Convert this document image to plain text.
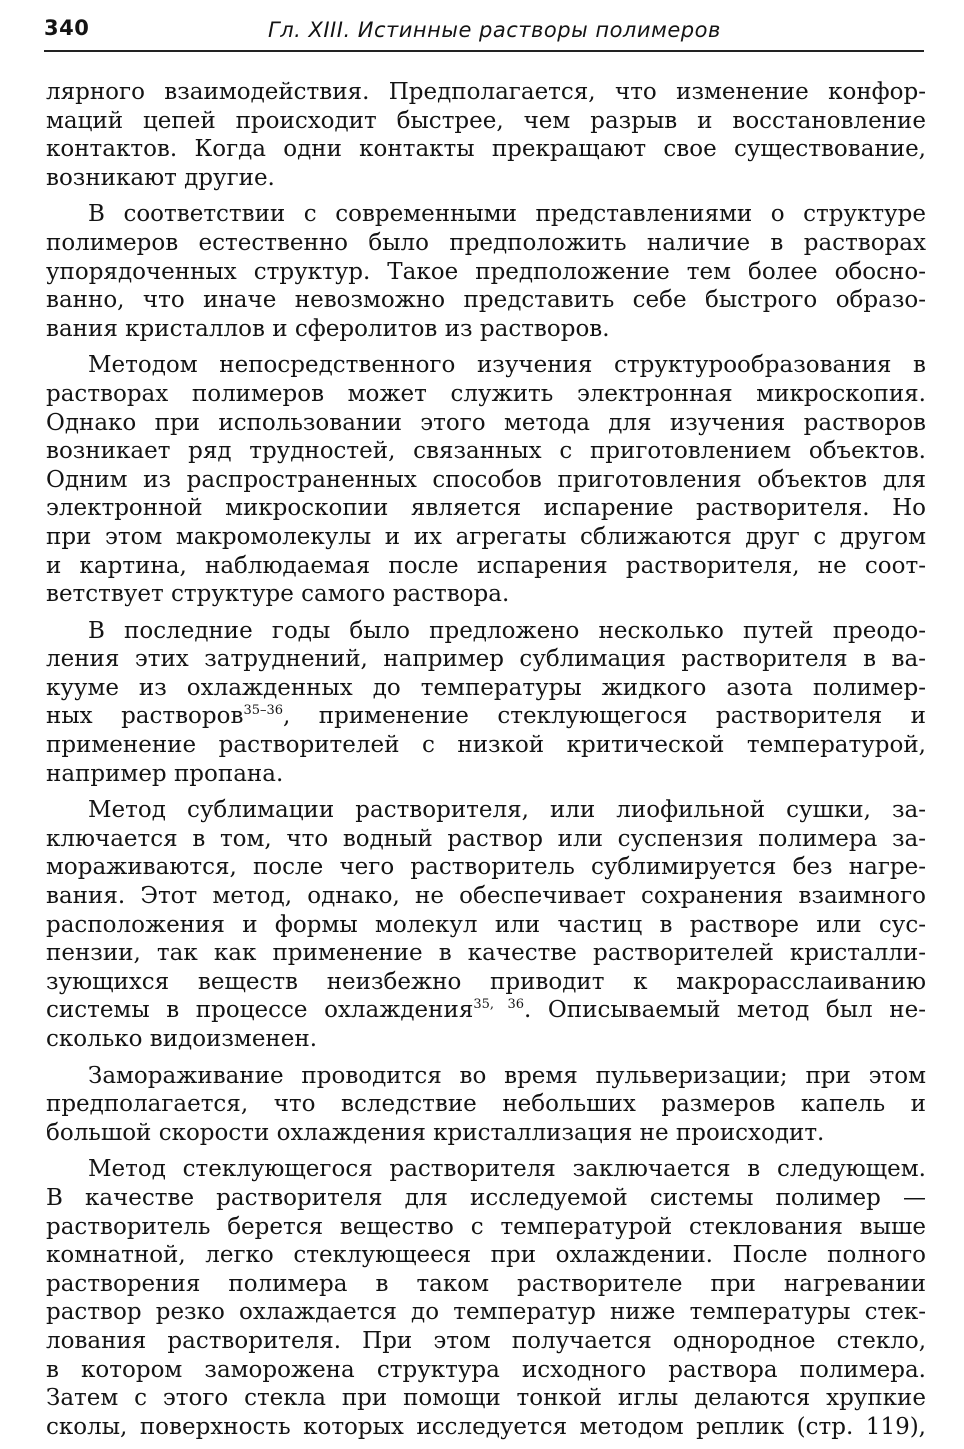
340	Гл. XIII. Истинные растворы полимеров
лярного взаимодействия. Предполагается, что изменение конфор-
маций цепей происходит быстрее, чем разрыв и восстановление
контактов. Когда одни контакты прекращают свое существование,
возникают другие.
В соответствии с современными представлениями о структуре
полимеров естественно было предположить наличие в растворах
упорядоченных структур. Такое предположение тем более обосно-
ванно, что иначе невозможно представить себе быстрого образо-
вания кристаллов и сферолитов из растворов.
Методом непосредственного изучения структурообразования в
растворах полимеров может служить электронная микроскопия.
Однако при использовании этого метода для изучения растворов
возникает ряд трудностей, связанных с приготовлением объектов.
Одним из распространенных способов приготовления объектов для
электронной микроскопии является испарение растворителя. Но
при этом макромолекулы и их агрегаты сближаются друг с другом
и картина, наблюдаемая после испарения растворителя, не соот-
ветствует структуре самого раствора.
В последние годы было предложено несколько путей преодо-
ления этих затруднений, например сублимация растворителя в ва-
кууме из охлажденных до температуры жидкого азота полимер-
ных растворов$^{35-36}$, применение стеклующегося растворителя и
применение растворителей с низкой критической температурой,
например пропана.
Метод сублимации растворителя, или лиофильной сушки, за-
ключается в том, что водный раствор или суспензия полимера за-
мораживаются, после чего растворитель сублимируется без нагре-
вания. Этот метод, однако, не обеспечивает сохранения взаимного
расположения и формы молекул или частиц в растворе или сус-
пензии, так как применение в качестве растворителей кристалли-
зующихся веществ неизбежно приводит к макрорасслаиванию
системы в процессе охлаждения$^{35, 36}$. Описываемый метод был не-
сколько видоизменен.
Замораживание проводится во время пульверизации; при этом
предполагается, что вследствие небольших размеров капель и
большой скорости охлаждения кристаллизация не происходит.
Метод стеклующегося растворителя заключается в следующем.
В качестве растворителя для исследуемой системы полимер —
растворитель берется вещество с температурой стеклования выше
комнатной, легко стеклующееся при охлаждении. После полного
растворения полимера в таком растворителе при нагревании
раствор резко охлаждается до температур ниже температуры стек-
лования растворителя. При этом получается однородное стекло,
в котором заморожена структура исходного раствора полимера.
Затем с этого стекла при помощи тонкой иглы делаются хрупкие
сколы, поверхность которых исследуется методом реплик (стр. 119),
